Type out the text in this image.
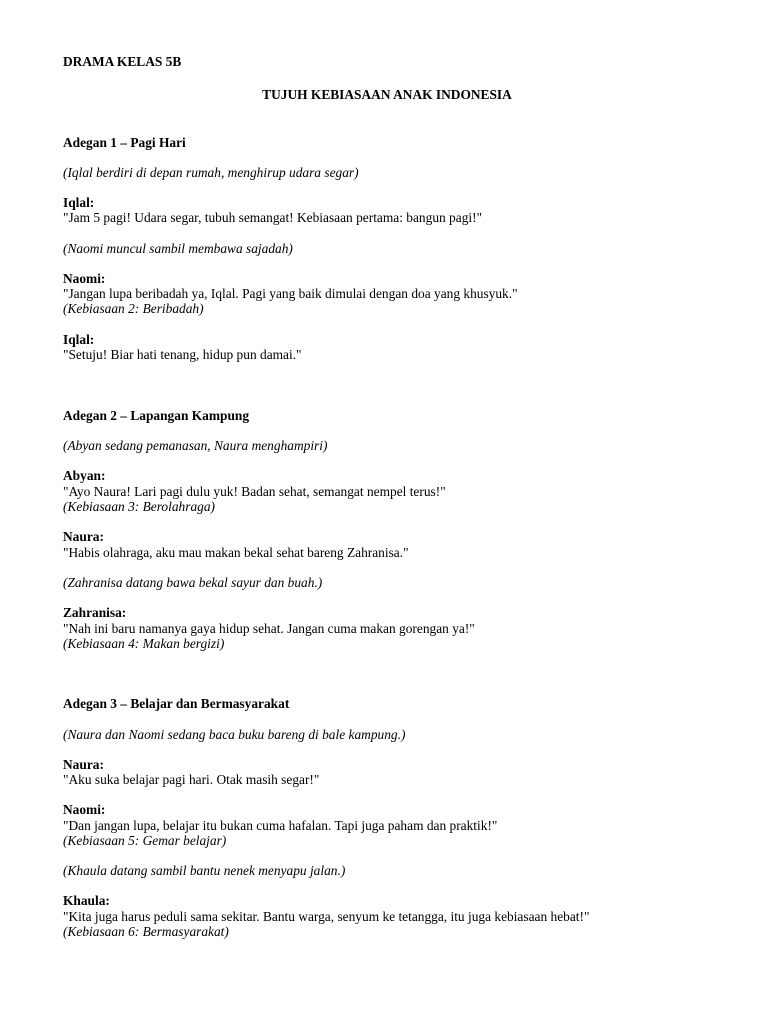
DRAMA KELAS 5B
TUJUH KEBIASAAN ANAK INDONESIA
Adegan 1 – Pagi Hari
(Iqlal berdiri di depan rumah, menghirup udara segar)
Iqlal:
"Jam 5 pagi! Udara segar, tubuh semangat! Kebiasaan pertama: bangun pagi!"
(Naomi muncul sambil membawa sajadah)
Naomi:
"Jangan lupa beribadah ya, Iqlal. Pagi yang baik dimulai dengan doa yang khusyuk."
(Kebiasaan 2: Beribadah)
Iqlal:
"Setuju! Biar hati tenang, hidup pun damai."
Adegan 2 – Lapangan Kampung
(Abyan sedang pemanasan, Naura menghampiri)
Abyan:
"Ayo Naura! Lari pagi dulu yuk! Badan sehat, semangat nempel terus!"
(Kebiasaan 3: Berolahraga)
Naura:
"Habis olahraga, aku mau makan bekal sehat bareng Zahranisa."
(Zahranisa datang bawa bekal sayur dan buah.)
Zahranisa:
"Nah ini baru namanya gaya hidup sehat. Jangan cuma makan gorengan ya!"
(Kebiasaan 4: Makan bergizi)
Adegan 3 – Belajar dan Bermasyarakat
(Naura dan Naomi sedang baca buku bareng di bale kampung.)
Naura:
"Aku suka belajar pagi hari. Otak masih segar!"
Naomi:
"Dan jangan lupa, belajar itu bukan cuma hafalan. Tapi juga paham dan praktik!"
(Kebiasaan 5: Gemar belajar)
(Khaula datang sambil bantu nenek menyapu jalan.)
Khaula:
"Kita juga harus peduli sama sekitar. Bantu warga, senyum ke tetangga, itu juga kebiasaan hebat!"
(Kebiasaan 6: Bermasyarakat)
